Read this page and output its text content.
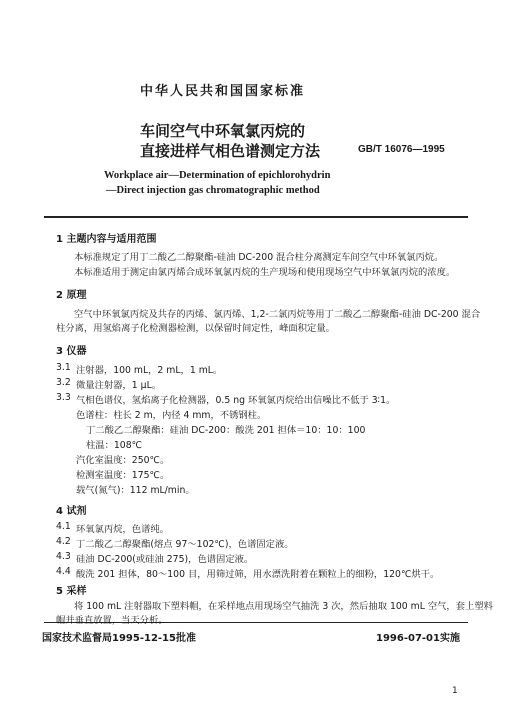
中华人民共和国国家标准
车间空气中环氧氯丙烷的
直接进样气相色谱测定方法	GB/T 16076—1995
Workplace air—Determination of epichlorohydrin
—Direct injection gas chromatographic method
1 主题内容与适用范围
本标准规定了用丁二酸乙二醇聚酯-硅油 DC-200 混合柱分离测定车间空气中环氧氯丙烷。
本标准适用于测定由氯丙烯合成环氧氯丙烷的生产现场和使用现场空气中环氧氯丙烷的浓度。
2 原理
空气中环氧氯丙烷及共存的丙烯、氯丙烯、1,2-二氯丙烷等用丁二酸乙二醇聚酯-硅油 DC-200 混合
柱分离，用氢焰离子化检测器检测，以保留时间定性，峰面积定量。
3 仪器
3.1 注射器，100 mL，2 mL，1 mL。
3.2 微量注射器，1 μL。
3.3 气相色谱仪，氢焰离子化检测器，0.5 ng 环氧氯丙烷给出信噪比不低于 3∶1。
色谱柱：柱长 2 m，内径 4 mm，不锈钢柱。
丁二酸乙二醇聚酯：硅油 DC-200：酸洗 201 担体＝10：10：100
柱温：108℃
汽化室温度：250℃。
检测室温度：175℃。
载气(氮气)：112 mL/min。
4 试剂
4.1 环氧氯丙烷，色谱纯。
4.2 丁二酸乙二醇聚酯(熔点 97～102℃)，色谱固定液。
4.3 硅油 DC-200(或硅油 275)，色谱固定液。
4.4 酸洗 201 担体，80～100 目，用筛过筛，用水漂洗附着在颗粒上的细粉，120℃烘干。
5 采样
将 100 mL 注射器取下塑料帽，在采样地点用现场空气抽洗 3 次，然后抽取 100 mL 空气，套上塑料
国家技术监督局1995-12-15批准	1996-07-01实施
1
帽并垂直放置，当天分析。
